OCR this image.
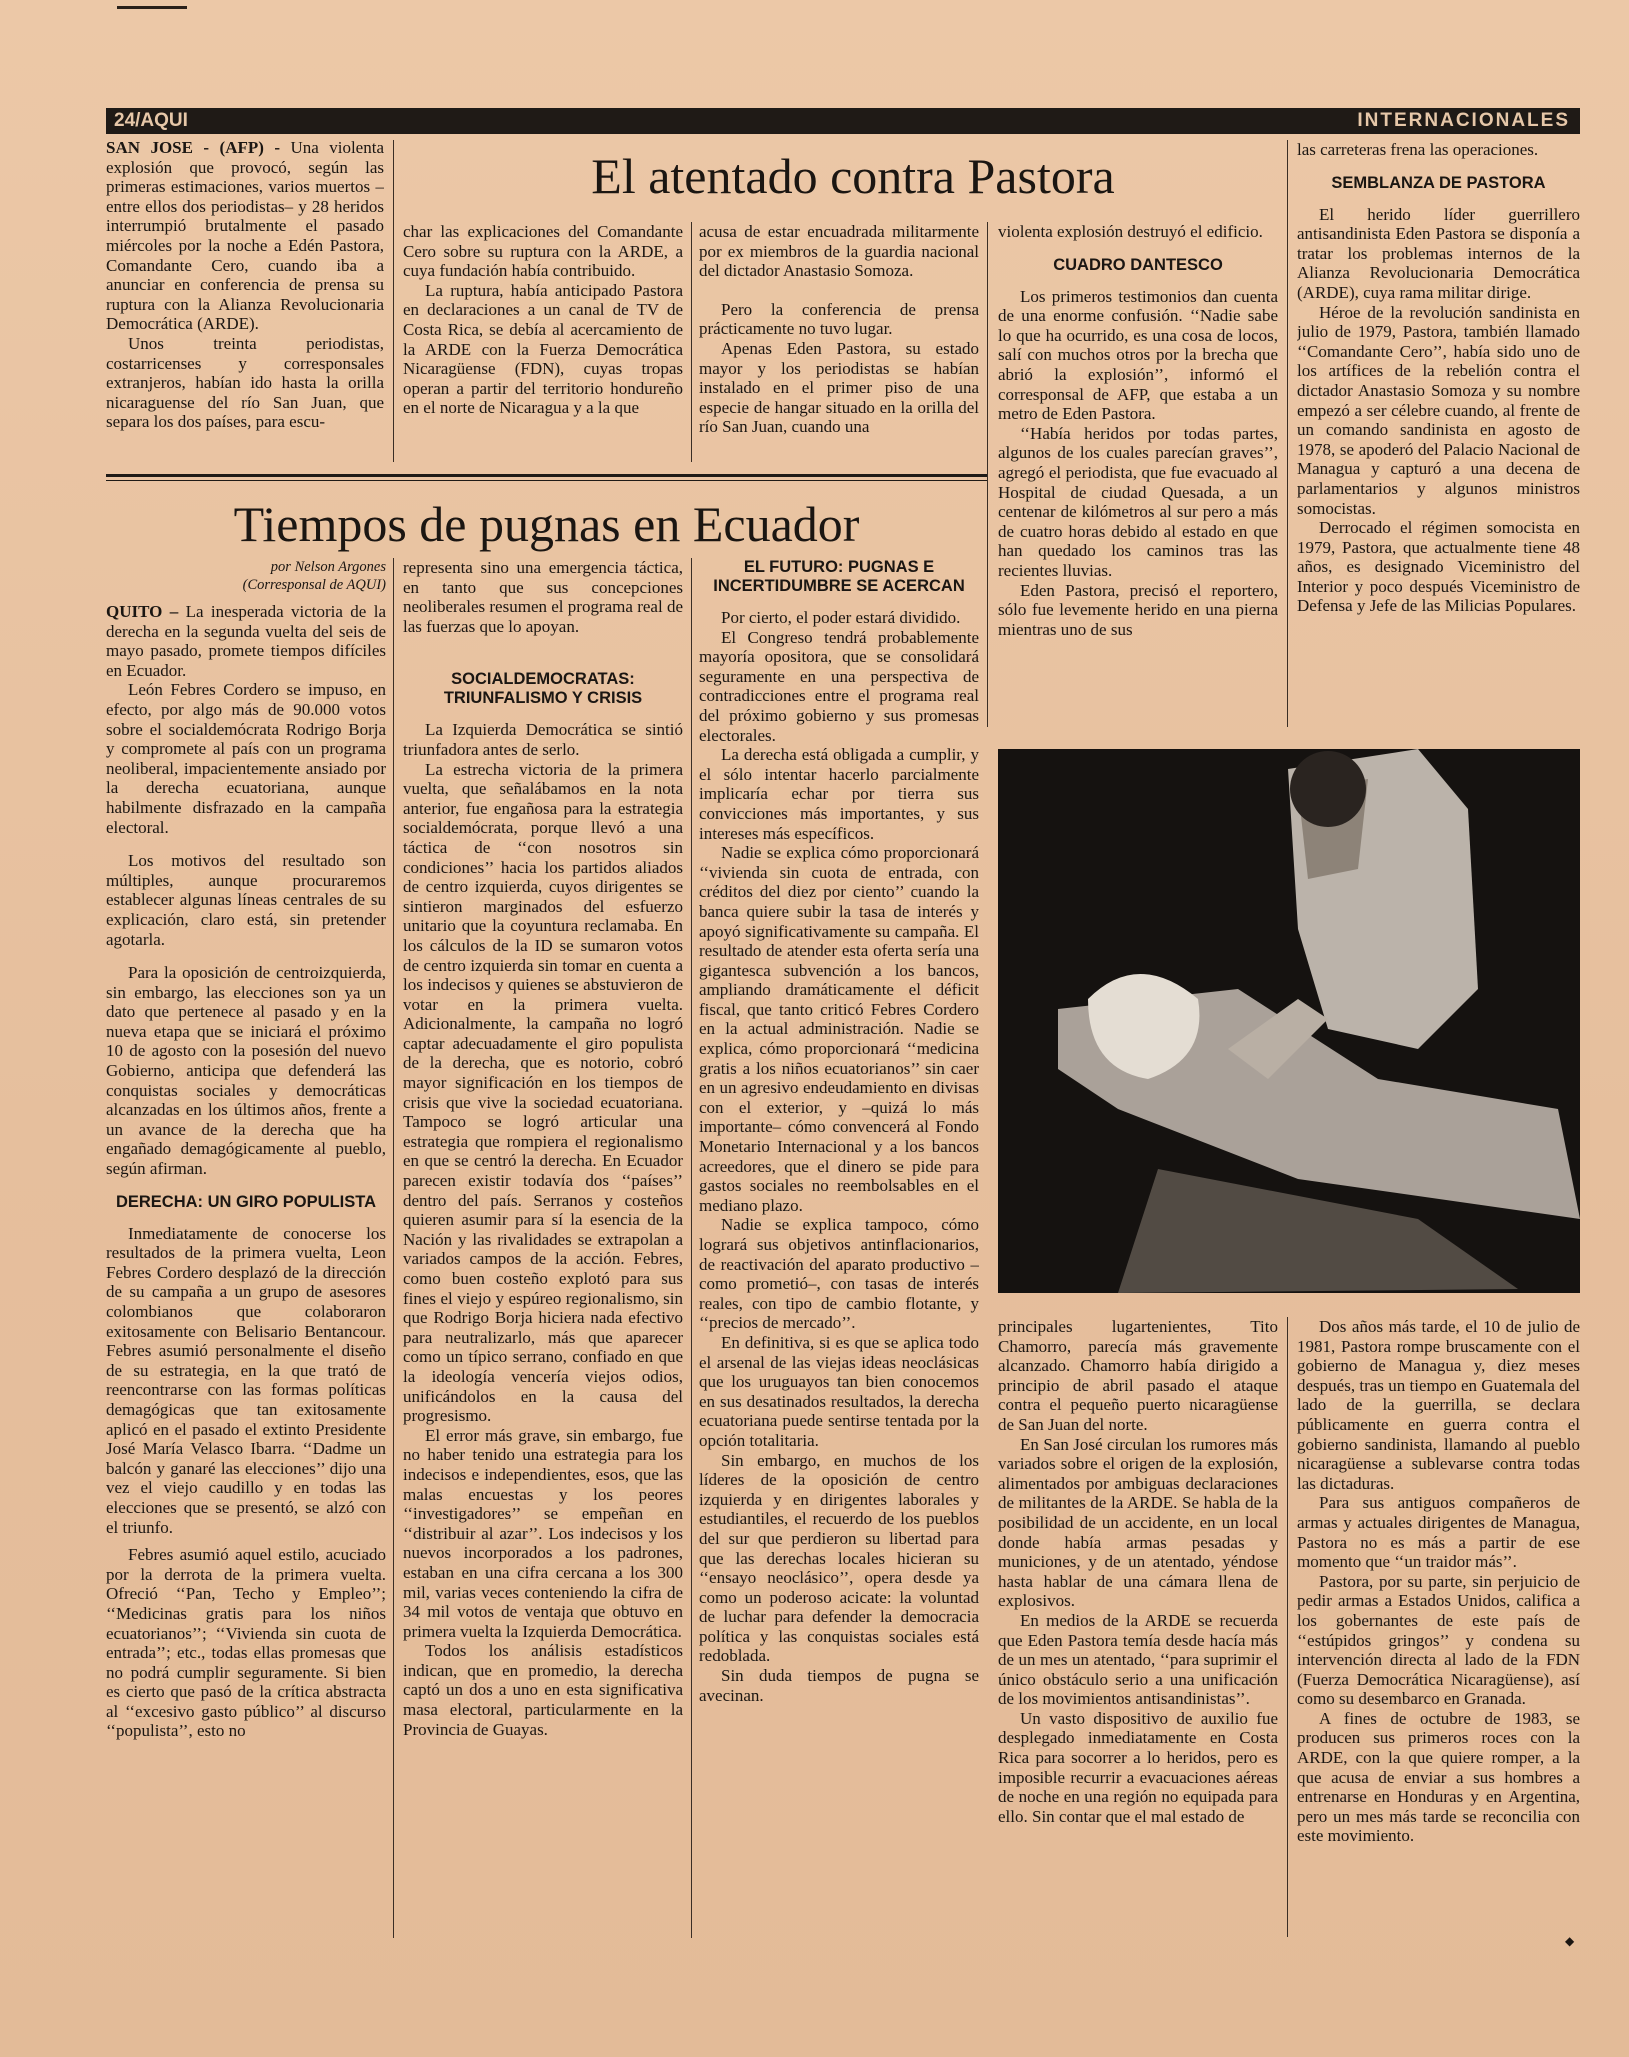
24/AQUI	INTERNACIONALES

SAN JOSE - (AFP) - Una violenta explosión que provocó, según las primeras estimaciones, varios muertos –entre ellos dos periodistas– y 28 heridos interrumpió brutalmente el pasado miércoles por la noche a Edén Pastora, Comandante Cero, cuando iba a anunciar en conferencia de prensa su ruptura con la Alianza Revolucionaria Democrática (ARDE).

Unos treinta periodistas, costarricenses y corresponsales extranjeros, habían ido hasta la orilla nicaraguense del río San Juan, que separa los dos países, para escu-

El atentado contra Pastora

char las explicaciones del Comandante Cero sobre su ruptura con la ARDE, a cuya fundación había contribuido.

La ruptura, había anticipado Pastora en declaraciones a un canal de TV de Costa Rica, se debía al acercamiento de la ARDE con la Fuerza Democrática Nicaragüense (FDN), cuyas tropas operan a partir del territorio hondureño en el norte de Nicaragua y a la que

acusa de estar encuadrada militarmente por ex miembros de la guardia nacional del dictador Anastasio Somoza.

Pero la conferencia de prensa prácticamente no tuvo lugar.

Apenas Eden Pastora, su estado mayor y los periodistas se habían instalado en el primer piso de una especie de hangar situado en la orilla del río San Juan, cuando una

violenta explosión destruyó el edificio.

CUADRO DANTESCO

Los primeros testimonios dan cuenta de una enorme confusión. ‘‘Nadie sabe lo que ha ocurrido, es una cosa de locos, salí con muchos otros por la brecha que abrió la explosión’’, informó el corresponsal de AFP, que estaba a un metro de Eden Pastora.

‘‘Había heridos por todas partes, algunos de los cuales parecían graves’’, agregó el periodista, que fue evacuado al Hospital de ciudad Quesada, a un centenar de kilómetros al sur pero a más de cuatro horas debido al estado en que han quedado los caminos tras las recientes lluvias.

Eden Pastora, precisó el reportero, sólo fue levemente herido en una pierna mientras uno de sus

las carreteras frena las operaciones.

SEMBLANZA DE PASTORA

El herido líder guerrillero antisandinista Eden Pastora se disponía a tratar los problemas internos de la Alianza Revolucionaria Democrática (ARDE), cuya rama militar dirige.

Héroe de la revolución sandinista en julio de 1979, Pastora, también llamado ‘‘Comandante Cero’’, había sido uno de los artífices de la rebelión contra el dictador Anastasio Somoza y su nombre empezó a ser célebre cuando, al frente de un comando sandinista en agosto de 1978, se apoderó del Palacio Nacional de Managua y capturó a una decena de parlamentarios y algunos ministros somocistas.

Derrocado el régimen somocista en 1979, Pastora, que actualmente tiene 48 años, es designado Viceministro del Interior y poco después Viceministro de Defensa y Jefe de las Milicias Populares.

principales lugartenientes, Tito Chamorro, parecía más gravemente alcanzado. Chamorro había dirigido a principio de abril pasado el ataque contra el pequeño puerto nicaragüense de San Juan del norte.

En San José circulan los rumores más variados sobre el origen de la explosión, alimentados por ambiguas declaraciones de militantes de la ARDE. Se habla de la posibilidad de un accidente, en un local donde había armas pesadas y municiones, y de un atentado, yéndose hasta hablar de una cámara llena de explosivos.

En medios de la ARDE se recuerda que Eden Pastora temía desde hacía más de un mes un atentado, ‘‘para suprimir el único obstáculo serio a una unificación de los movimientos antisandinistas’’.

Un vasto dispositivo de auxilio fue desplegado inmediatamente en Costa Rica para socorrer a lo heridos, pero es imposible recurrir a evacuaciones aéreas de noche en una región no equipada para ello. Sin contar que el mal estado de

Dos años más tarde, el 10 de julio de 1981, Pastora rompe bruscamente con el gobierno de Managua y, diez meses después, tras un tiempo en Guatemala del lado de la guerrilla, se declara públicamente en guerra contra el gobierno sandinista, llamando al pueblo nicaragüense a sublevarse contra todas las dictaduras.

Para sus antiguos compañeros de armas y actuales dirigentes de Managua, Pastora no es más a partir de ese momento que ‘‘un traidor más’’.

Pastora, por su parte, sin perjuicio de pedir armas a Estados Unidos, califica a los gobernantes de este país de ‘‘estúpidos gringos’’ y condena su intervención directa al lado de la FDN (Fuerza Democrática Nicaragüense), así como su desembarco en Granada.

A fines de octubre de 1983, se producen sus primeros roces con la ARDE, con la que quiere romper, a la que acusa de enviar a sus hombres a entrenarse en Honduras y en Argentina, pero un mes más tarde se reconcilia con este movimiento.

◆
Tiempos de pugnas en Ecuador
por Nelson Argones
(Corresponsal de AQUI)

QUITO – La inesperada victoria de la derecha en la segunda vuelta del seis de mayo pasado, promete tiempos difíciles en Ecuador.

León Febres Cordero se impuso, en efecto, por algo más de 90.000 votos sobre el socialdemócrata Rodrigo Borja y compromete al país con un programa neoliberal, impacientemente ansiado por la derecha ecuatoriana, aunque habilmente disfrazado en la campaña electoral.

Los motivos del resultado son múltiples, aunque procuraremos establecer algunas líneas centrales de su explicación, claro está, sin pretender agotarla.

Para la oposición de centroizquierda, sin embargo, las elecciones son ya un dato que pertenece al pasado y en la nueva etapa que se iniciará el próximo 10 de agosto con la posesión del nuevo Gobierno, anticipa que defenderá las conquistas sociales y democráticas alcanzadas en los últimos años, frente a un avance de la derecha que ha engañado demagógicamente al pueblo, según afirman.

DERECHA: UN GIRO POPULISTA

Inmediatamente de conocerse los resultados de la primera vuelta, Leon Febres Cordero desplazó de la dirección de su campaña a un grupo de asesores colombianos que colaboraron exitosamente con Belisario Bentancour. Febres asumió personalmente el diseño de su estrategia, en la que trató de reencontrarse con las formas políticas demagógicas que tan exitosamente aplicó en el pasado el extinto Presidente José María Velasco Ibarra. ‘‘Dadme un balcón y ganaré las elecciones’’ dijo una vez el viejo caudillo y en todas las elecciones que se presentó, se alzó con el triunfo.

Febres asumió aquel estilo, acuciado por la derrota de la primera vuelta. Ofreció ‘‘Pan, Techo y Empleo’’; ‘‘Medicinas gratis para los niños ecuatorianos’’; ‘‘Vivienda sin cuota de entrada’’; etc., todas ellas promesas que no podrá cumplir seguramente. Si bien es cierto que pasó de la crítica abstracta al ‘‘excesivo gasto público’’ al discurso ‘‘populista’’, esto no

representa sino una emergencia táctica, en tanto que sus concepciones neoliberales resumen el programa real de las fuerzas que lo apoyan.

SOCIALDEMOCRATAS: TRIUNFALISMO Y CRISIS

La Izquierda Democrática se sintió triunfadora antes de serlo.

La estrecha victoria de la primera vuelta, que señalábamos en la nota anterior, fue engañosa para la estrategia socialdemócrata, porque llevó a una táctica de ‘‘con nosotros sin condiciones’’ hacia los partidos aliados de centro izquierda, cuyos dirigentes se sintieron marginados del esfuerzo unitario que la coyuntura reclamaba. En los cálculos de la ID se sumaron votos de centro izquierda sin tomar en cuenta a los indecisos y quienes se abstuvieron de votar en la primera vuelta. Adicionalmente, la campaña no logró captar adecuadamente el giro populista de la derecha, que es notorio, cobró mayor significación en los tiempos de crisis que vive la sociedad ecuatoriana. Tampoco se logró articular una estrategia que rompiera el regionalismo en que se centró la derecha. En Ecuador parecen existir todavía dos ‘‘países’’ dentro del país. Serranos y costeños quieren asumir para sí la esencia de la Nación y las rivalidades se extrapolan a variados campos de la acción. Febres, como buen costeño explotó para sus fines el viejo y espúreo regionalismo, sin que Rodrigo Borja hiciera nada efectivo para neutralizarlo, más que aparecer como un típico serrano, confiado en que la ideología vencería viejos odios, unificándolos en la causa del progresismo.

El error más grave, sin embargo, fue no haber tenido una estrategia para los indecisos e independientes, esos, que las malas encuestas y los peores ‘‘investigadores’’ se empeñan en ‘‘distribuir al azar’’. Los indecisos y los nuevos incorporados a los padrones, estaban en una cifra cercana a los 300 mil, varias veces conteniendo la cifra de 34 mil votos de ventaja que obtuvo en primera vuelta la Izquierda Democrática.

Todos los análisis estadísticos indican, que en promedio, la derecha captó un dos a uno en esta significativa masa electoral, particularmente en la Provincia de Guayas.

EL FUTURO: PUGNAS E INCERTIDUMBRE SE ACERCAN

Por cierto, el poder estará dividido.

El Congreso tendrá probablemente mayoría opositora, que se consolidará seguramente en una perspectiva de contradicciones entre el programa real del próximo gobierno y sus promesas electorales.

La derecha está obligada a cumplir, y el sólo intentar hacerlo parcialmente implicaría echar por tierra sus convicciones más importantes, y sus intereses más específicos.

Nadie se explica cómo proporcionará ‘‘vivienda sin cuota de entrada, con créditos del diez por ciento’’ cuando la banca quiere subir la tasa de interés y apoyó significativamente su campaña. El resultado de atender esta oferta sería una gigantesca subvención a los bancos, ampliando dramáticamente el déficit fiscal, que tanto criticó Febres Cordero en la actual administración. Nadie se explica, cómo proporcionará ‘‘medicina gratis a los niños ecuatorianos’’ sin caer en un agresivo endeudamiento en divisas con el exterior, y –quizá lo más importante– cómo convencerá al Fondo Monetario Internacional y a los bancos acreedores, que el dinero se pide para gastos sociales no reembolsables en el mediano plazo.

Nadie se explica tampoco, cómo logrará sus objetivos antinflacionarios, de reactivación del aparato productivo –como prometió–, con tasas de interés reales, con tipo de cambio flotante, y ‘‘precios de mercado’’.

En definitiva, si es que se aplica todo el arsenal de las viejas ideas neoclásicas que los uruguayos tan bien conocemos en sus desatinados resultados, la derecha ecuatoriana puede sentirse tentada por la opción totalitaria.

Sin embargo, en muchos de los líderes de la oposición de centro izquierda y en dirigentes laborales y estudiantiles, el recuerdo de los pueblos del sur que perdieron su libertad para que las derechas locales hicieran su ‘‘ensayo neoclásico’’, opera desde ya como un poderoso acicate: la voluntad de luchar para defender la democracia política y las conquistas sociales está redoblada.

Sin duda tiempos de pugna se avecinan.
